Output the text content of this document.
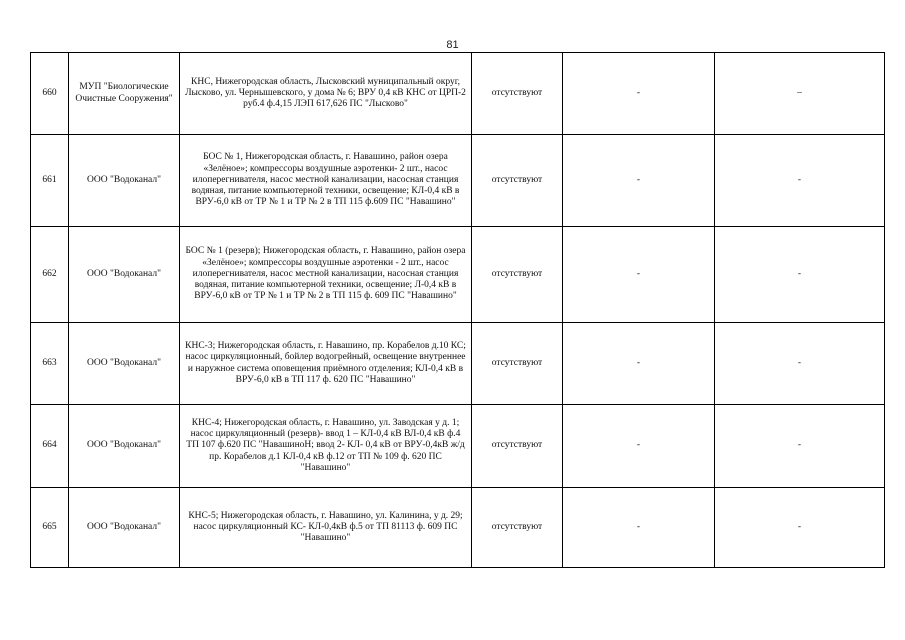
81
660	МУП "Биологические Очистные Сооружения"	КНС, Нижегородская область, Лысковский муниципальный округ, Лысково, ул. Чернышевского, у дома № 6; ВРУ 0,4 кВ КНС от ЦРП-2 руб.4 ф.4,15 ЛЭП 617,626 ПС "Лысково"	отсутствуют	-	–
661	ООО "Водоканал"	БОС № 1, Нижегородская область, г. Навашино, район озера «Зелёное»; компрессоры воздушные аэротенки- 2 шт., насос илоперегнивателя, насос местной канализации, насосная станция водяная, питание компьютерной техники, освещение; КЛ-0,4 кВ в ВРУ-6,0 кВ от ТР № 1 и ТР № 2 в ТП 115 ф.609 ПС "Навашино"	отсутствуют	-	-
662	ООО "Водоканал"	БОС № 1 (резерв); Нижегородская область, г. Навашино, район озера «Зелёное»; компрессоры воздушные аэротенки - 2 шт., насос илоперегнивателя, насос местной канализации, насосная станция водяная, питание компьютерной техники, освещение; Л-0,4 кВ в ВРУ-6,0 кВ от ТР № 1 и ТР № 2 в ТП 115 ф. 609 ПС "Навашино"	отсутствуют	-	-
663	ООО "Водоканал"	КНС-3; Нижегородская область, г. Навашино, пр. Корабелов д.10 КС; насос циркуляционный, бойлер водогрейный, освещение внутреннее и наружное система оповещения приёмного отделения; КЛ-0,4 кВ в ВРУ-6,0 кВ в ТП 117 ф. 620 ПС "Навашино"	отсутствуют	-	-
664	ООО "Водоканал"	КНС-4; Нижегородская область, г. Навашино, ул. Заводская у д. 1; насос циркуляционный (резерв)- ввод 1 – КЛ-0,4 кВ ВЛ-0,4 кВ ф.4 ТП 107 ф.620 ПС "НавашиноН; ввод 2- КЛ- 0,4 кВ от ВРУ-0,4кВ ж/д пр. Корабелов д.1 КЛ-0,4 кВ ф.12 от ТП № 109 ф. 620 ПС "Навашино"	отсутствуют	-	-
665	ООО "Водоканал"	КНС-5; Нижегородская область, г. Навашино, ул. Калинина, у д. 29; насос циркуляционный КС- КЛ-0,4кВ ф.5 от ТП 81113 ф. 609 ПС "Навашино"	отсутствуют	-	-
